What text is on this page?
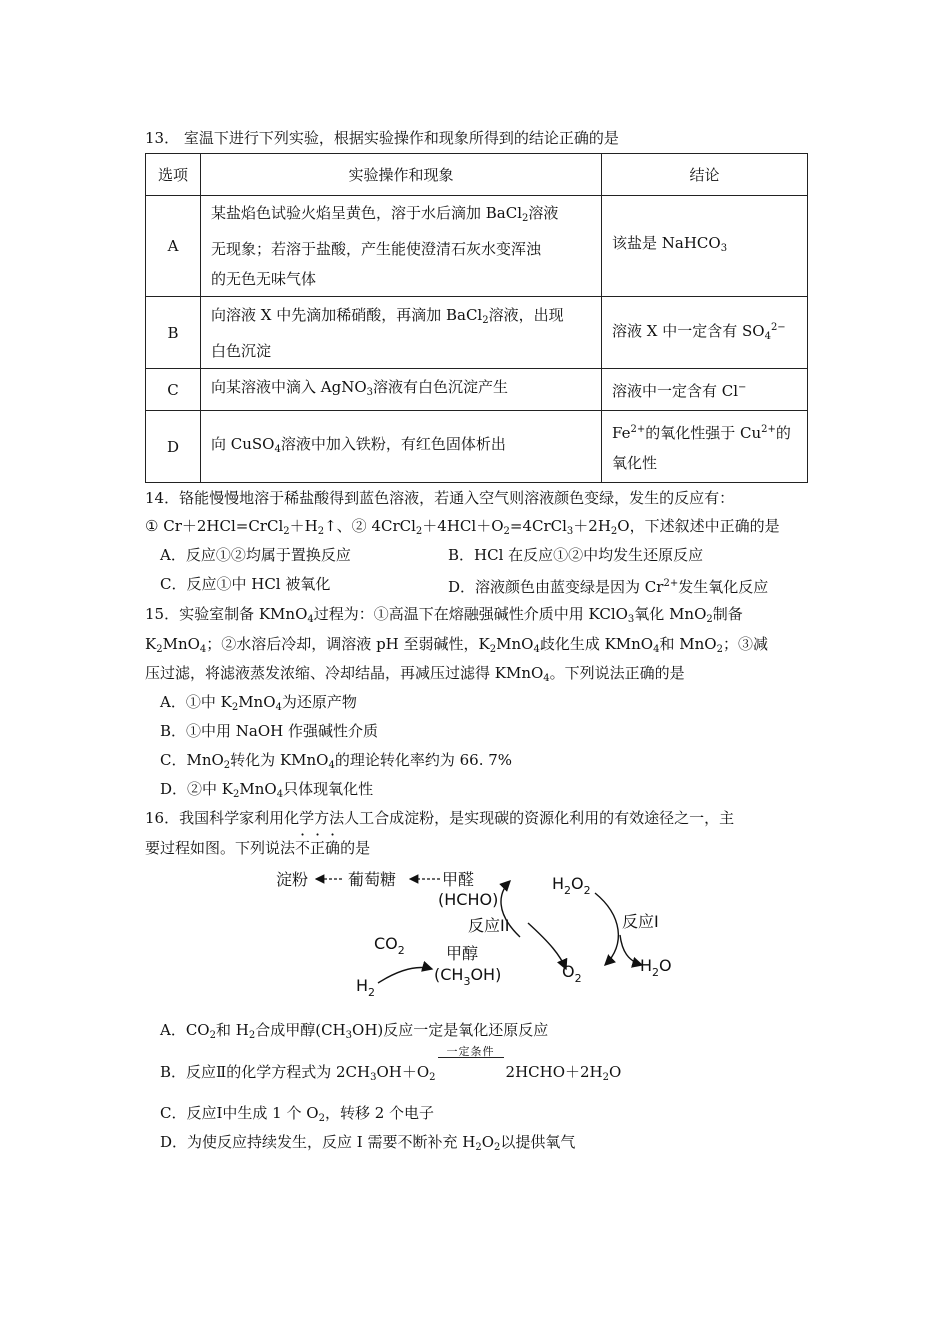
13． 室温下进行下列实验，根据实验操作和现象所得到的结论正确的是
选项	实验操作和现象	结论
A	某盐焰色试验火焰呈黄色，溶于水后滴加 BaCl$_2$溶液
无现象；若溶于盐酸，产生能使澄清石灰水变浑浊
的无色无味气体	该盐是 NaHCO$_3$
B	向溶液 X 中先滴加稀硝酸，再滴加 BaCl$_2$溶液，出现
白色沉淀	溶液 X 中一定含有 $SO_4^{2-}$
C	向某溶液中滴入 AgNO$_3$溶液有白色沉淀产生	溶液中一定含有 Cl−
D	向 CuSO$_4$溶液中加入铁粉，有红色固体析出	$Fe^{2+}$的氧化性强于 $Cu^{2+}$的
氧化性
14．铬能慢慢地溶于稀盐酸得到蓝色溶液，若通入空气则溶液颜色变绿，发生的反应有：
① $Cr+2HCl=CrCl_2+H_2↑$、② $4CrCl_2+4HCl+O_2=4CrCl_3+2H_2O$，下述叙述中正确的是
A．反应①②均属于置换反应	B．HCl 在反应①②中均发生还原反应
C．反应①中 HCl 被氧化	D．溶液颜色由蓝变绿是因为 $Cr^{2+}$发生氧化反应
15．实验室制备 KMnO$_4$过程为：①高温下在熔融强碱性介质中用 KClO$_3$氧化 MnO$_2$制备
$K_2MnO_4$；②水溶后冷却，调溶液 pH 至弱碱性，$K_2MnO_4$歧化生成 KMnO$_4$和 MnO$_2$；③减
压过滤，将滤液蒸发浓缩、冷却结晶，再减压过滤得 KMnO$_4$。下列说法正确的是
A．①中 $K_2MnO_4$为还原产物
B．①中用 NaOH 作强碱性介质
C．MnO$_2$转化为 KMnO$_4$的理论转化率约为 66. 7%
D．②中 $K_2MnO_4$只体现氧化性
16．我国科学家利用化学方法人工合成淀粉，是实现碳的资源化利用的有效途径之一，主
要过程如图。下列说法不正确的是
淀粉 葡萄糖	甲醛
(HCHO)
$H_2O_2$
反应II	反应I
$CO_2$	甲醇
$(CH_3OH)$
$H_2$
$O_2$
$H_2O$
A．$CO_2$和 $H_2$合成甲醇$(CH_3OH)$反应一定是氧化还原反应
B．反应Ⅱ的化学方程式为 $2CH_3OH+O_2$
一定条件
$2HCHO+2H_2O$
C．反应Ⅰ中生成 1 个 $O_2$，转移 2 个电子
D．为使反应持续发生，反应 Ⅰ 需要不断补充 $H_2O_2$以提供氧气
